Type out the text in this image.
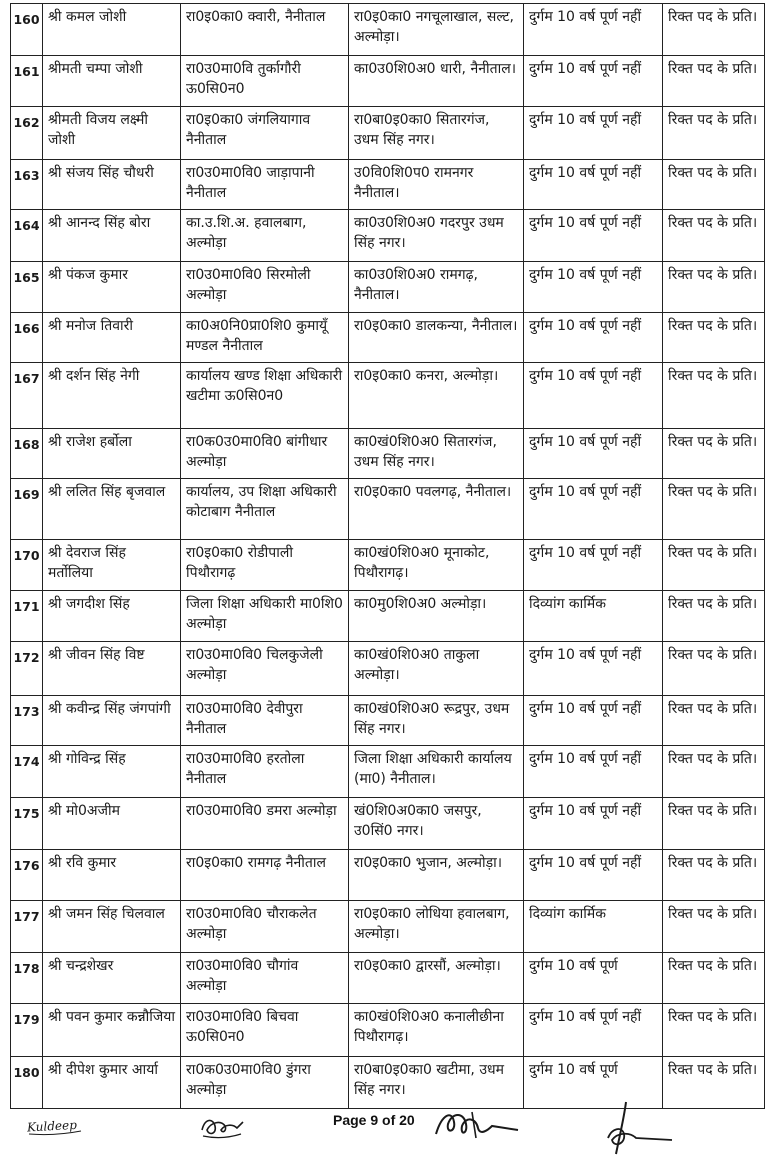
160	श्री कमल जोशी	रा0इ0का0 क्वारी, नैनीताल	रा0इ0का0 नगचूलाखाल, सल्ट, अल्मोड़ा।	दुर्गम 10 वर्ष पूर्ण नहीं	रिक्त पद के प्रति।
161	श्रीमती चम्पा जोशी	रा0उ0मा0वि तुर्कागौरी ऊ0सि0न0	का0उ0शि0अ0 धारी, नैनीताल।	दुर्गम 10 वर्ष पूर्ण नहीं	रिक्त पद के प्रति।
162	श्रीमती विजय लक्ष्मी जोशी	रा0इ0का0 जंगलियागाव नैनीताल	रा0बा0इ0का0 सितारगंज, उधम सिंह नगर।	दुर्गम 10 वर्ष पूर्ण नहीं	रिक्त पद के प्रति।
163	श्री संजय सिंह चौधरी	रा0उ0मा0वि0 जाड़ापानी नैनीताल	उ0वि0शि0प0 रामनगर नैनीताल।	दुर्गम 10 वर्ष पूर्ण नहीं	रिक्त पद के प्रति।
164	श्री आनन्द सिंह बोरा	का.उ.शि.अ. हवालबाग, अल्मोड़ा	का0उ0शि0अ0 गदरपुर उधम सिंह नगर।	दुर्गम 10 वर्ष पूर्ण नहीं	रिक्त पद के प्रति।
165	श्री पंकज कुमार	रा0उ0मा0वि0 सिरमोली अल्मोड़ा	का0उ0शि0अ0 रामगढ़, नैनीताल।	दुर्गम 10 वर्ष पूर्ण नहीं	रिक्त पद के प्रति।
166	श्री मनोज तिवारी	का0अ0नि0प्रा0शि0 कुमायूँ मण्डल नैनीताल	रा0इ0का0 डालकन्या, नैनीताल।	दुर्गम 10 वर्ष पूर्ण नहीं	रिक्त पद के प्रति।
167	श्री दर्शन सिंह नेगी	कार्यालय खण्ड शिक्षा अधिकारी खटीमा ऊ0सि0न0	रा0इ0का0 कनरा, अल्मोड़ा।	दुर्गम 10 वर्ष पूर्ण नहीं	रिक्त पद के प्रति।
168	श्री राजेश हर्बोला	रा0क0उ0मा0वि0 बांगीधार अल्मोड़ा	का0खं0शि0अ0 सितारगंज, उधम सिंह नगर।	दुर्गम 10 वर्ष पूर्ण नहीं	रिक्त पद के प्रति।
169	श्री ललित सिंह बृजवाल	कार्यालय, उप शिक्षा अधिकारी कोटाबाग नैनीताल	रा0इ0का0 पवलगढ़, नैनीताल।	दुर्गम 10 वर्ष पूर्ण नहीं	रिक्त पद के प्रति।
170	श्री देवराज सिंह मर्तोलिया	रा0इ0का0 रोडीपाली पिथौरागढ़	का0खं0शि0अ0 मूनाकोट, पिथौरागढ़।	दुर्गम 10 वर्ष पूर्ण नहीं	रिक्त पद के प्रति।
171	श्री जगदीश सिंह	जिला शिक्षा अधिकारी मा0शि0 अल्मोड़ा	का0मु0शि0अ0 अल्मोड़ा।	दिव्यांग कार्मिक	रिक्त पद के प्रति।
172	श्री जीवन सिंह विष्ट	रा0उ0मा0वि0 चिलकुजेली अल्मोड़ा	का0खं0शि0अ0 ताकुला अल्मोड़ा।	दुर्गम 10 वर्ष पूर्ण नहीं	रिक्त पद के प्रति।
173	श्री कवीन्द्र सिंह जंगपांगी	रा0उ0मा0वि0 देवीपुरा नैनीताल	का0खं0शि0अ0 रूद्रपुर, उधम सिंह नगर।	दुर्गम 10 वर्ष पूर्ण नहीं	रिक्त पद के प्रति।
174	श्री गोविन्द्र सिंह	रा0उ0मा0वि0 हरतोला नैनीताल	जिला शिक्षा अधिकारी कार्यालय (मा0) नैनीताल।	दुर्गम 10 वर्ष पूर्ण नहीं	रिक्त पद के प्रति।
175	श्री मो0अजीम	रा0उ0मा0वि0 डमरा अल्मोड़ा	खं0शि0अ0का0 जसपुर, उ0सिं0 नगर।	दुर्गम 10 वर्ष पूर्ण नहीं	रिक्त पद के प्रति।
176	श्री रवि कुमार	रा0इ0का0 रामगढ़ नैनीताल	रा0इ0का0 भुजान, अल्मोड़ा।	दुर्गम 10 वर्ष पूर्ण नहीं	रिक्त पद के प्रति।
177	श्री जमन सिंह चिलवाल	रा0उ0मा0वि0 चौराकलेत अल्मोड़ा	रा0इ0का0 लोधिया हवालबाग, अल्मोड़ा।	दिव्यांग कार्मिक	रिक्त पद के प्रति।
178	श्री चन्द्रशेखर	रा0उ0मा0वि0 चौगांव अल्मोड़ा	रा0इ0का0 द्वारसौं, अल्मोड़ा।	दुर्गम 10 वर्ष पूर्ण	रिक्त पद के प्रति।
179	श्री पवन कुमार कन्नौजिया	रा0उ0मा0वि0 बिचवा ऊ0सि0न0	का0खं0शि0अ0 कनालीछीना पिथौरागढ़।	दुर्गम 10 वर्ष पूर्ण नहीं	रिक्त पद के प्रति।
180	श्री दीपेश कुमार आर्या	रा0क0उ0मा0वि0 डुंगरा अल्मोड़ा	रा0बा0इ0का0 खटीमा, उधम सिंह नगर।	दुर्गम 10 वर्ष पूर्ण	रिक्त पद के प्रति।
Kuldeep	Page 9 of 20
